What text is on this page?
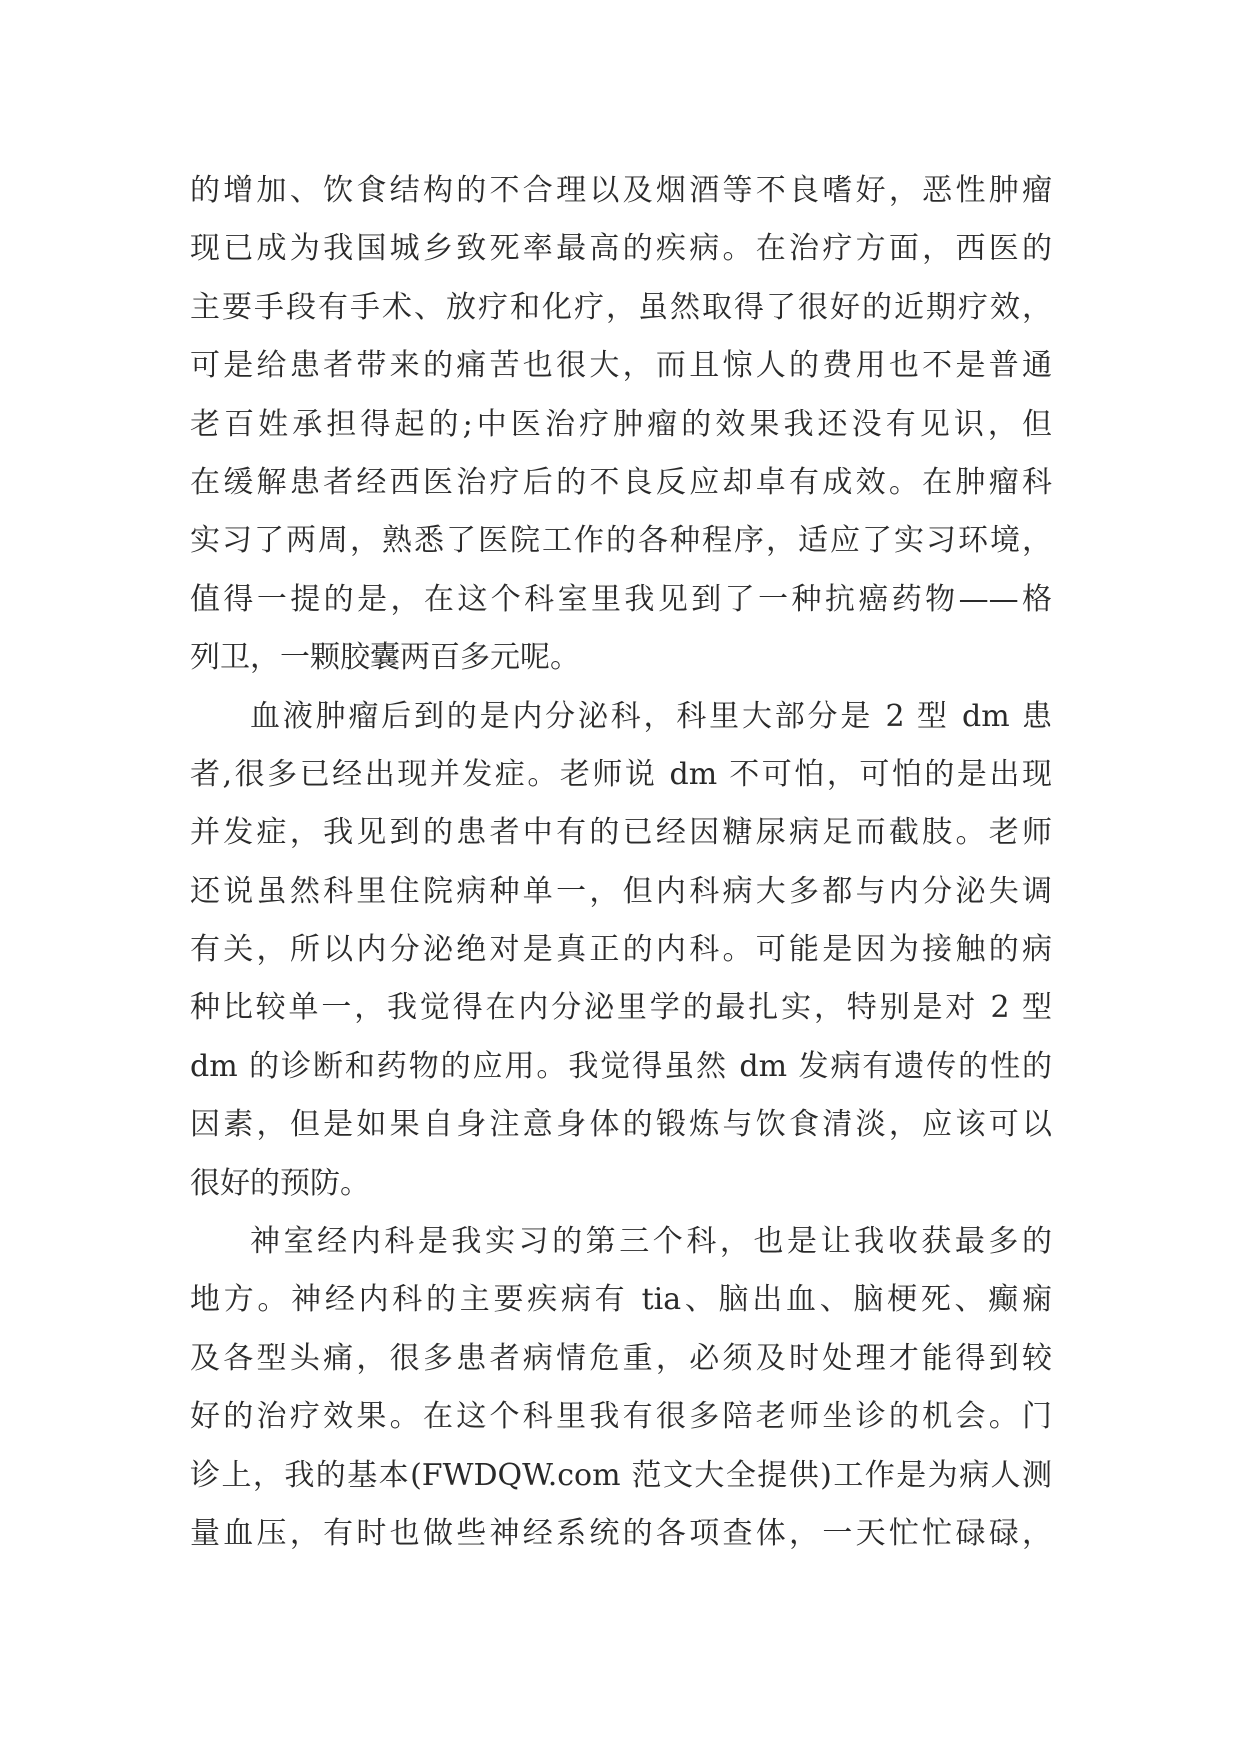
的增加、饮食结构的不合理以及烟酒等不良嗜好，恶性肿瘤
现已成为我国城乡致死率最高的疾病。在治疗方面，西医的
主要手段有手术、放疗和化疗，虽然取得了很好的近期疗效，
可是给患者带来的痛苦也很大，而且惊人的费用也不是普通
老百姓承担得起的;中医治疗肿瘤的效果我还没有见识，但
在缓解患者经西医治疗后的不良反应却卓有成效。在肿瘤科
实习了两周，熟悉了医院工作的各种程序，适应了实习环境，
值得一提的是，在这个科室里我见到了一种抗癌药物——格
列卫，一颗胶囊两百多元呢。
血液肿瘤后到的是内分泌科，科里大部分是 2 型 dm 患
者,很多已经出现并发症。老师说 dm 不可怕，可怕的是出现
并发症，我见到的患者中有的已经因糖尿病足而截肢。老师
还说虽然科里住院病种单一，但内科病大多都与内分泌失调
有关，所以内分泌绝对是真正的内科。可能是因为接触的病
种比较单一，我觉得在内分泌里学的最扎实，特别是对 2 型
dm 的诊断和药物的应用。我觉得虽然 dm 发病有遗传的性的
因素，但是如果自身注意身体的锻炼与饮食清淡，应该可以
很好的预防。
神室经内科是我实习的第三个科，也是让我收获最多的
地方。神经内科的主要疾病有 tia、脑出血、脑梗死、癫痫
及各型头痛，很多患者病情危重，必须及时处理才能得到较
好的治疗效果。在这个科里我有很多陪老师坐诊的机会。门
诊上，我的基本(FWDQW.com 范文大全提供)工作是为病人测
量血压，有时也做些神经系统的各项查体，一天忙忙碌碌，
